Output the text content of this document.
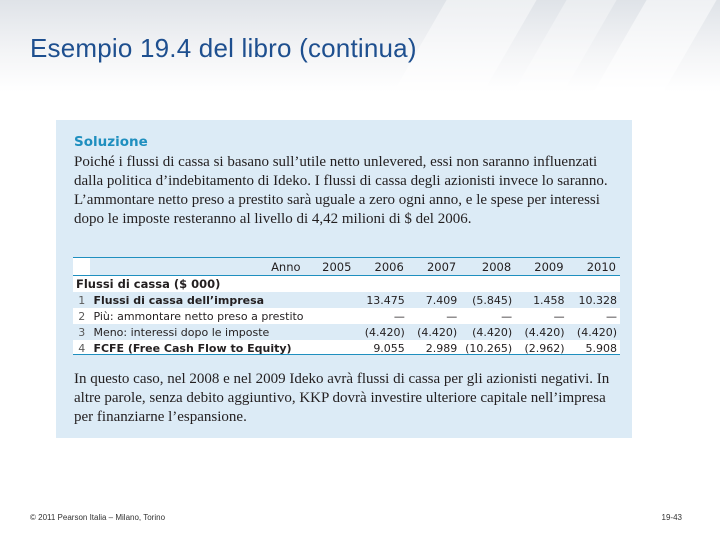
Esempio 19.4 del libro (continua)
Soluzione

Poiché i flussi di cassa si basano sull’utile netto unlevered, essi non saranno influenzati dalla politica d’indebitamento di Ideko. I flussi di cassa degli azionisti invece lo saranno. L’ammontare netto preso a prestito sarà uguale a zero ogni anno, e le spese per interessi dopo le imposte resteranno al livello di 4,42 milioni di $ del 2006.

	Anno	2005	2006	2007	2008	2009	2010
Flussi di cassa ($ 000)							
1	Flussi di cassa dell’impresa		13.475	7.409	(5.845)	1.458	10.328
2	Più: ammontare netto preso a prestito		—	—	—	—	—
3	Meno: interessi dopo le imposte		(4.420)	(4.420)	(4.420)	(4.420)	(4.420)
4	FCFE (Free Cash Flow to Equity)		9.055	2.989	(10.265)	(2.962)	5.908

In questo caso, nel 2008 e nel 2009 Ideko avrà flussi di cassa per gli azionisti negativi. In altre parole, senza debito aggiuntivo, KKP dovrà investire ulteriore capitale nell’impresa per finanziarne l’espansione.

© 2011 Pearson Italia – Milano, Torino	19-43
